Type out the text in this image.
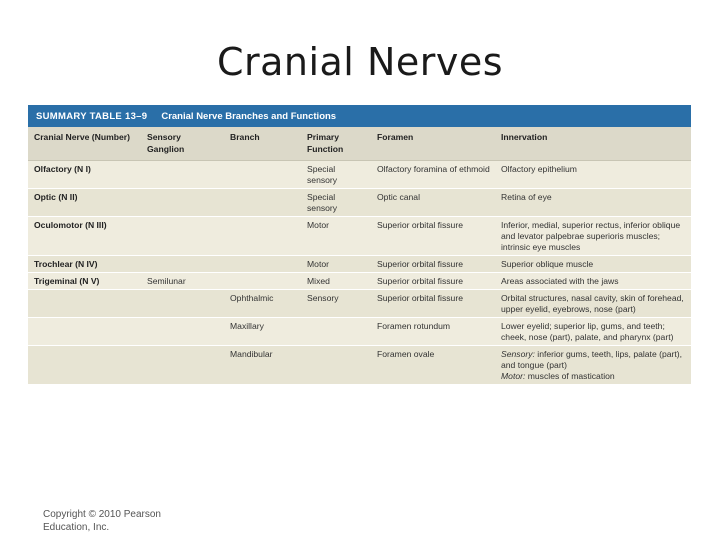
Cranial Nerves
SUMMARY TABLE 13–9 Cranial Nerve Branches and Functions
Cranial Nerve (Number)	Sensory Ganglion	Branch	Primary Function	Foramen	Innervation
Olfactory (N I)			Special sensory	Olfactory foramina of ethmoid	Olfactory epithelium
Optic (N II)			Special sensory	Optic canal	Retina of eye
Oculomotor (N III)			Motor	Superior orbital fissure	Inferior, medial, superior rectus, inferior oblique and levator palpebrae superioris muscles; intrinsic eye muscles
Trochlear (N IV)			Motor	Superior orbital fissure	Superior oblique muscle
Trigeminal (N V)	Semilunar		Mixed	Superior orbital fissure	Areas associated with the jaws
		Ophthalmic	Sensory	Superior orbital fissure	Orbital structures, nasal cavity, skin of forehead, upper eyelid, eyebrows, nose (part)
		Maxillary		Foramen rotundum	Lower eyelid; superior lip, gums, and teeth; cheek, nose (part), palate, and pharynx (part)
		Mandibular		Foramen ovale	Sensory: inferior gums, teeth, lips, palate (part), and tongue (part)
Motor: muscles of mastication
Copyright © 2010 Pearson Education, Inc.
